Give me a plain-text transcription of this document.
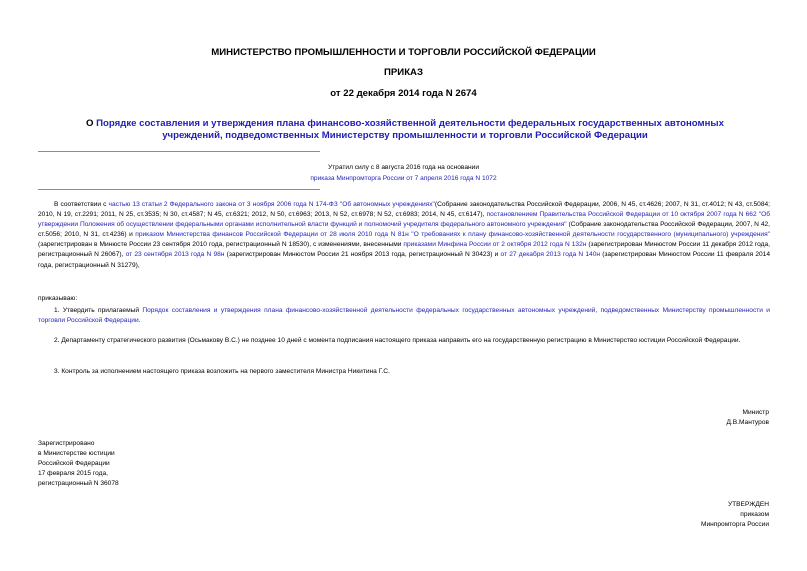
МИНИСТЕРСТВО ПРОМЫШЛЕННОСТИ И ТОРГОВЛИ РОССИЙСКОЙ ФЕДЕРАЦИИ
ПРИКАЗ
от 22 декабря 2014 года N 2674
О Порядке составления и утверждения плана финансово-хозяйственной деятельности федеральных государственных автономных учреждений, подведомственных Министерству промышленности и торговли Российской Федерации
Утратил силу с 8 августа 2016 года на основании
приказа Минпромторга России от 7 апреля 2016 года N 1072
В соответствии с частью 13 статьи 2 Федерального закона от 3 ноября 2006 года N 174-ФЗ "Об автономных учреждениях"(Собрание законодательства Российской Федерации, 2006, N 45, ст.4626; 2007, N 31, ст.4012; N 43, ст.5084; 2010, N 19, ст.2291; 2011, N 25, ст.3535; N 30, ст.4587; N 45, ст.6321; 2012, N 50, ст.6963; 2013, N 52, ст.6978; N 52, ст.6983; 2014, N 45, ст.6147), постановлением Правительства Российской Федерации от 10 октября 2007 года N 662 "Об утверждении Положения об осуществлении федеральными органами исполнительной власти функций и полномочий учредителя федерального автономного учреждения" (Собрание законодательства Российской Федерации, 2007, N 42, ст.5056; 2010, N 31, ст.4236) и приказом Министерства финансов Российской Федерации от 28 июля 2010 года N 81н "О требованиях к плану финансово-хозяйственной деятельности государственного (муниципального) учреждения" (зарегистрирован в Минюсте России 23 сентября 2010 года, регистрационный N 18530), с изменениями, внесенными приказами Минфина России от 2 октября 2012 года N 132н (зарегистрирован Минюстом России 11 декабря 2012 года, регистрационный N 26067), от 23 сентября 2013 года N 98н (зарегистрирован Минюстом России 21 ноября 2013 года, регистрационный N 30423) и от 27 декабря 2013 года N 140н (зарегистрирован Минюстом России 11 февраля 2014 года, регистрационный N 31279),
приказываю:
1. Утвердить прилагаемый Порядок составления и утверждения плана финансово-хозяйственной деятельности федеральных государственных автономных учреждений, подведомственных Министерству промышленности и торговли Российской Федерации.
2. Департаменту стратегического развития (Осьмакову В.С.) не позднее 10 дней с момента подписания настоящего приказа направить его на государственную регистрацию в Министерство юстиции Российской Федерации.
3. Контроль за исполнением настоящего приказа возложить на первого заместителя Министра Никитина Г.С.
Министр
Д.В.Мантуров
Зарегистрировано
в Министерстве юстиции
Российской Федерации
17 февраля 2015 года,
регистрационный N 36078
УТВЕРЖДЕН
приказом
Минпромторга России
